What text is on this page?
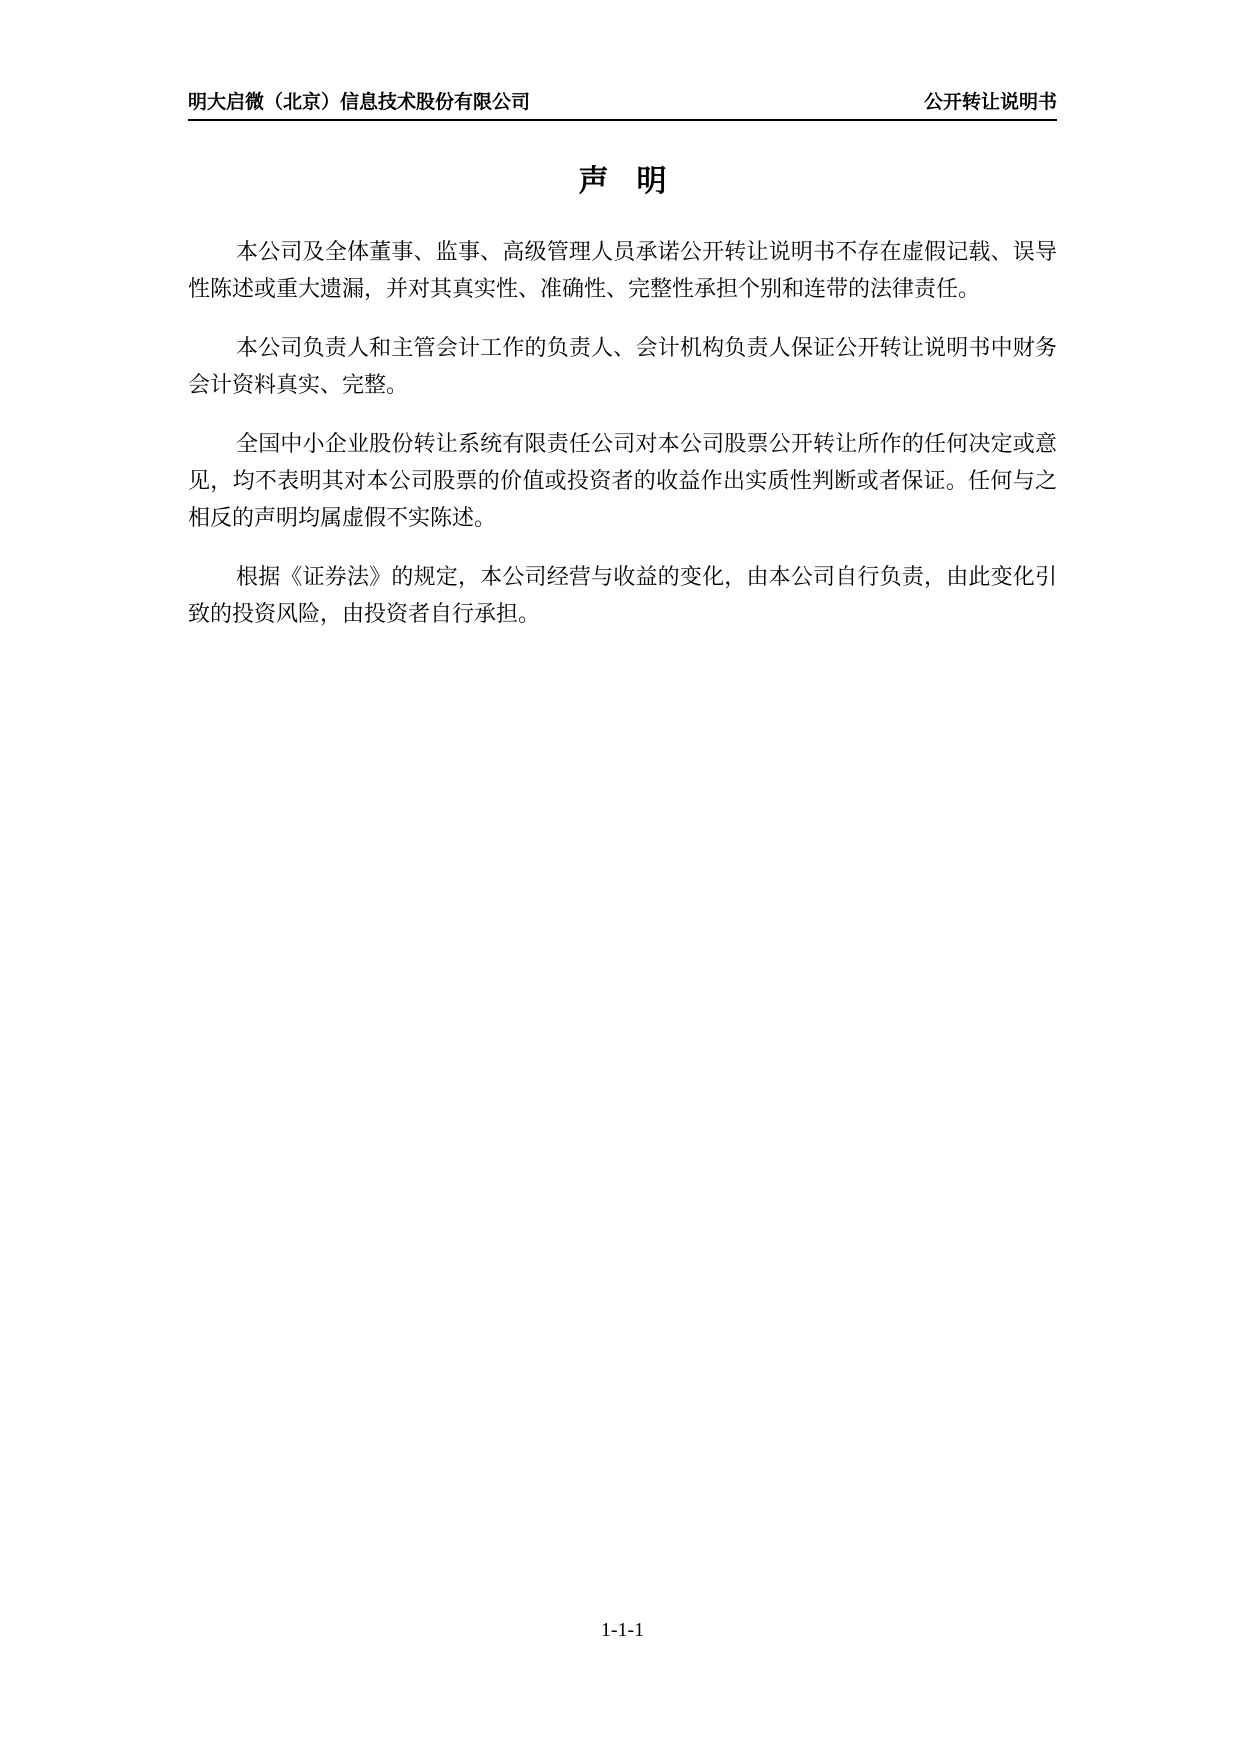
明大启微（北京）信息技术股份有限公司	公开转让说明书
声明

本公司及全体董事、监事、高级管理人员承诺公开转让说明书不存在虚假记载、误导性陈述或重大遗漏，并对其真实性、准确性、完整性承担个别和连带的法律责任。

本公司负责人和主管会计工作的负责人、会计机构负责人保证公开转让说明书中财务会计资料真实、完整。

全国中小企业股份转让系统有限责任公司对本公司股票公开转让所作的任何决定或意见，均不表明其对本公司股票的价值或投资者的收益作出实质性判断或者保证。任何与之相反的声明均属虚假不实陈述。

根据《证券法》的规定，本公司经营与收益的变化，由本公司自行负责，由此变化引致的投资风险，由投资者自行承担。

1-1-1
